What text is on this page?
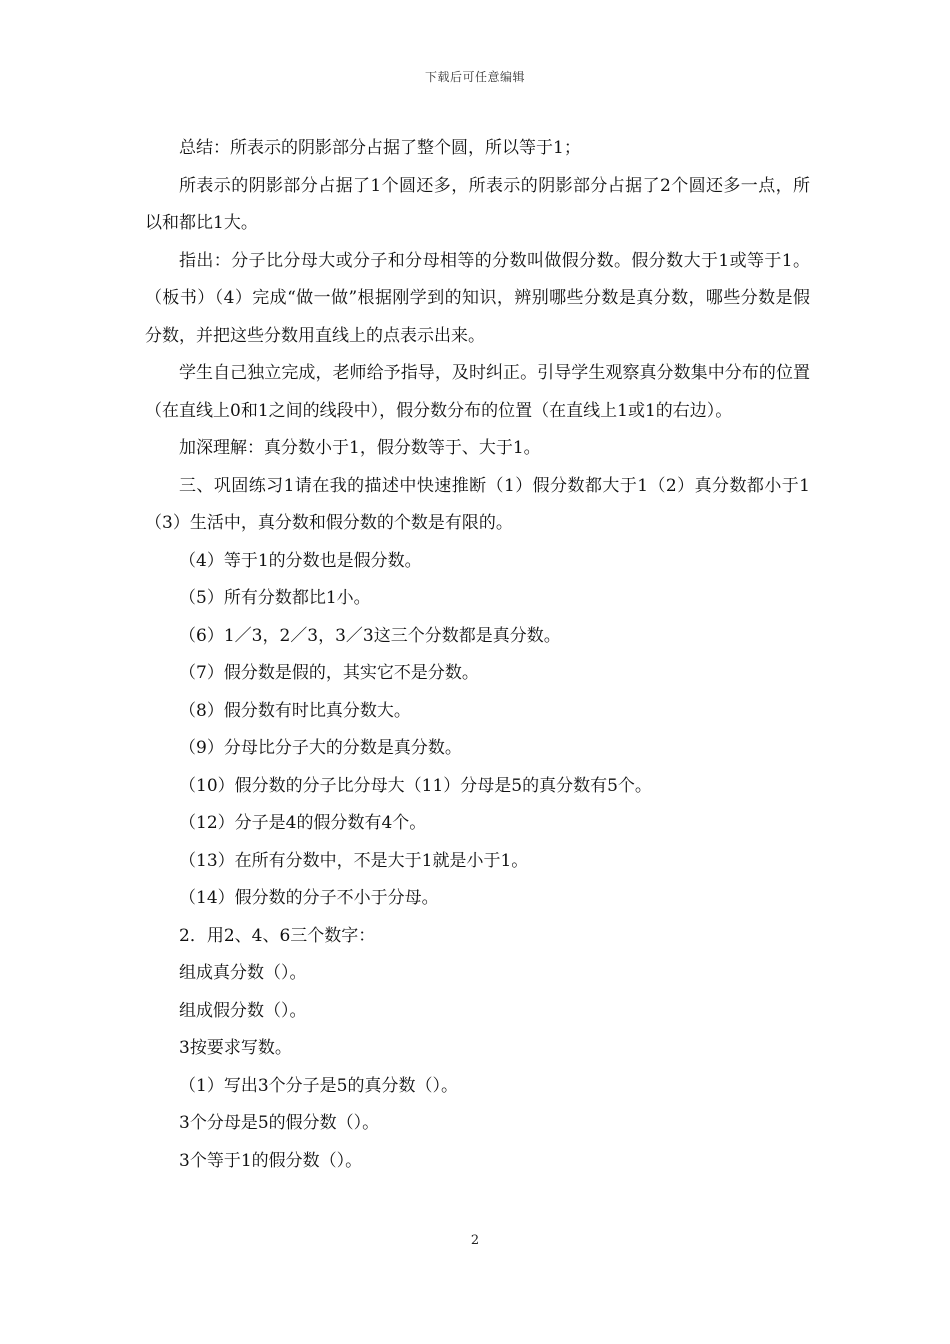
下载后可任意编辑

总结：所表示的阴影部分占据了整个圆，所以等于1；

所表示的阴影部分占据了1个圆还多，所表示的阴影部分占据了2个圆还多一点，所以和都比1大。

指出：分子比分母大或分子和分母相等的分数叫做假分数。假分数大于1或等于1。（板书）（4）完成“做一做”根据刚学到的知识，辨别哪些分数是真分数，哪些分数是假分数，并把这些分数用直线上的点表示出来。

学生自己独立完成，老师给予指导，及时纠正。引导学生观察真分数集中分布的位置（在直线上0和1之间的线段中），假分数分布的位置（在直线上1或1的右边）。

加深理解：真分数小于1，假分数等于、大于1。

三、巩固练习1请在我的描述中快速推断（1）假分数都大于1（2）真分数都小于1（3）生活中，真分数和假分数的个数是有限的。

（4）等于1的分数也是假分数。

（5）所有分数都比1小。

（6）1／3，2／3，3／3这三个分数都是真分数。

（7）假分数是假的，其实它不是分数。

（8）假分数有时比真分数大。

（9）分母比分子大的分数是真分数。

（10）假分数的分子比分母大（11）分母是5的真分数有5个。

（12）分子是4的假分数有4个。

（13）在所有分数中，不是大于1就是小于1。

（14）假分数的分子不小于分母。

2．用2、4、6三个数字：

组成真分数（）。

组成假分数（）。

3按要求写数。

（1）写出3个分子是5的真分数（）。

3个分母是5的假分数（）。

3个等于1的假分数（）。

2
